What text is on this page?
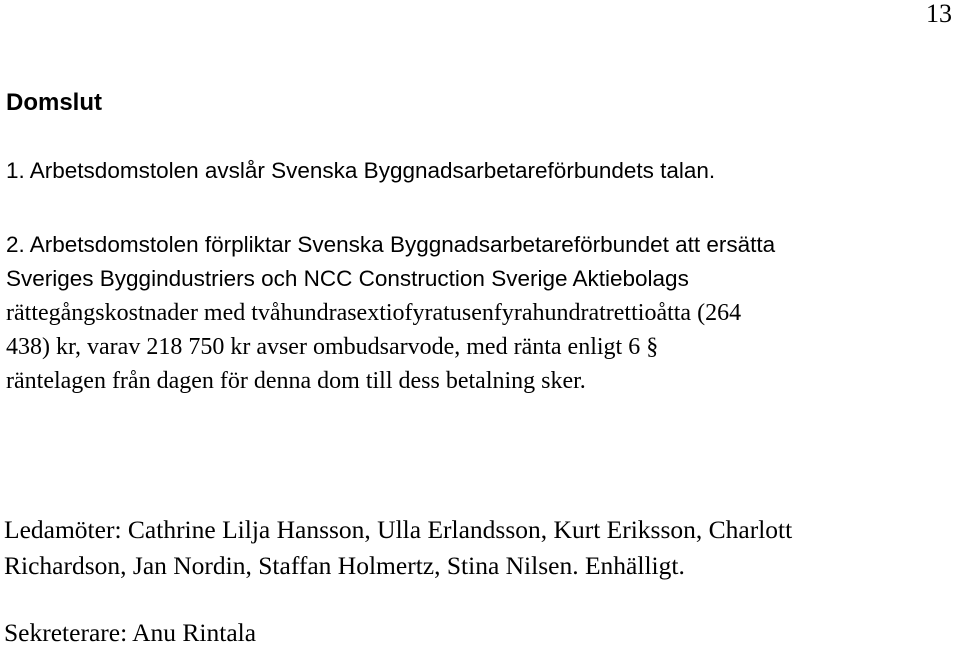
13
Domslut
1. Arbetsdomstolen avslår Svenska Byggnadsarbetareförbundets talan.
2. Arbetsdomstolen förpliktar Svenska Byggnadsarbetareförbundet att ersätta
Sveriges Byggindustriers och NCC Construction Sverige Aktiebolags
rättegångskostnader med tvåhundrasextiofyratusenfyrahundratrettioåtta (264
438) kr, varav 218 750 kr avser ombudsarvode, med ränta enligt 6 §
räntelagen från dagen för denna dom till dess betalning sker.
Ledamöter: Cathrine Lilja Hansson, Ulla Erlandsson, Kurt Eriksson, Charlott
Richardson, Jan Nordin, Staffan Holmertz, Stina Nilsen. Enhälligt.
Sekreterare: Anu Rintala
